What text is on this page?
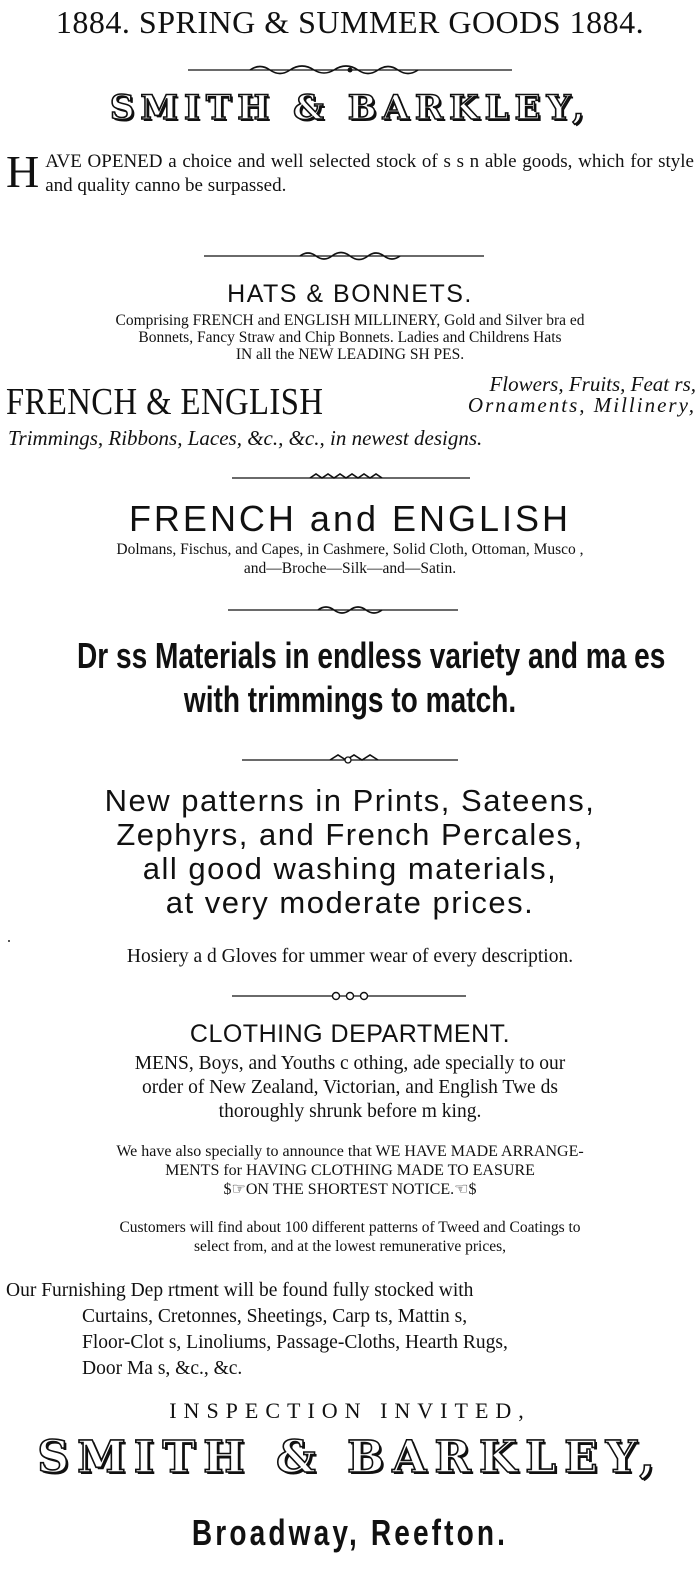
1884. SPRING & SUMMER GOODS 1884.
SMITH & BARKLEY,
H AVE OPENED a choice and well selected stock of s s n able goods, which for style and quality canno be surpassed.
HATS & BONNETS.
Comprising FRENCH and ENGLISH MILLINERY, Gold and Silver bra ed
Bonnets, Fancy Straw and Chip Bonnets. Ladies and Childrens Hats
IN all the NEW LEADING SH PES.
FRENCH & ENGLISH	Flowers, Fruits, Feat rs,
Ornaments, Millinery,
Trimmings, Ribbons, Laces, &c., &c., in newest designs.
FRENCH and ENGLISH
Dolmans, Fischus, and Capes, in Cashmere, Solid Cloth, Ottoman, Musco ,
and—Broche—Silk—and—Satin.
Dr ss Materials in endless variety and ma es
with trimmings to match.
New patterns in Prints, Sateens,
Zephyrs, and French Percales,
all good washing materials,
at very moderate prices.
Hosiery a d Gloves for ummer wear of every description.
CLOTHING DEPARTMENT.
MENS, Boys, and Youths c othing, ade specially to our
order of New Zealand, Victorian, and English Twe ds
thoroughly shrunk before m king.
We have also specially to announce that WE HAVE MADE ARRANGE-
MENTS for HAVING CLOTHING MADE TO EASURE
$☞ON THE SHORTEST NOTICE.☜$
Customers will find about 100 different patterns of Tweed and Coatings to
select from, and at the lowest remunerative prices,
Our Furnishing Dep rtment will be found fully stocked with
Curtains, Cretonnes, Sheetings, Carp ts, Mattin s,
Floor-Clot s, Linoliums, Passage-Cloths, Hearth Rugs,
Door Ma s, &c., &c.
INSPECTION INVITED,
SMITH & BARKLEY,
Broadway, Reefton.
